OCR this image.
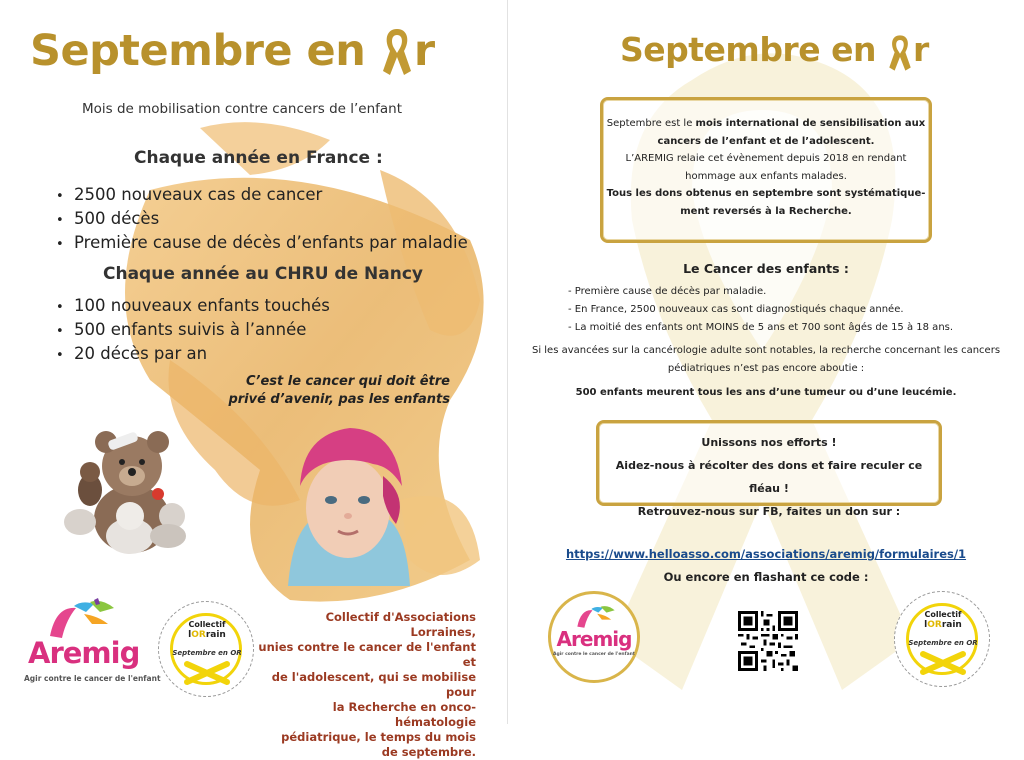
Septembre en
r
Mois de mobilisation contre cancers de l’enfant
Chaque année en France :
• 2500 nouveaux cas de cancer
• 500 décès
• Première cause de décès d’enfants par maladie
Chaque année au CHRU de Nancy
• 100 nouveaux enfants touchés
• 500 enfants suivis à l’année
• 20 décès par an
C’est le cancer qui doit être
privé d’avenir, pas les enfants
Aremig
Agir contre le cancer de l'enfant
Collectif
lORrain
Septembre en OR
Collectif d'Associations Lorraines,
unies contre le cancer de l'enfant et
de l'adolescent, qui se mobilise pour
la Recherche en onco-hématologie
pédiatrique, le temps du mois
de septembre.
Septembre en
r
Septembre est le mois international de sensibilisation aux
cancers de l’enfant et de l’adolescent.
L’AREMIG relaie cet évènement depuis 2018 en rendant
hommage aux enfants malades.
Tous les dons obtenus en septembre sont systématique-
ment reversés à la Recherche.
Le Cancer des enfants :
- Première cause de décès par maladie.
- En France, 2500 nouveaux cas sont diagnostiqués chaque année.
- La moitié des enfants ont MOINS de 5 ans et 700 sont âgés de 15 à 18 ans.
Si les avancées sur la cancérologie adulte sont notables, la recherche concernant les cancers
pédiatriques n’est pas encore aboutie :
500 enfants meurent tous les ans d’une tumeur ou d’une leucémie.
Unissons nos efforts !
Aidez-nous à récolter des dons et faire reculer ce fléau !
Retrouvez-nous sur FB, faites un don sur :
https://www.helloasso.com/associations/aremig/formulaires/1
Ou encore en flashant ce code :
Aremig
Agir contre le cancer de l'enfant
Collectif
lORrain
Septembre en OR
